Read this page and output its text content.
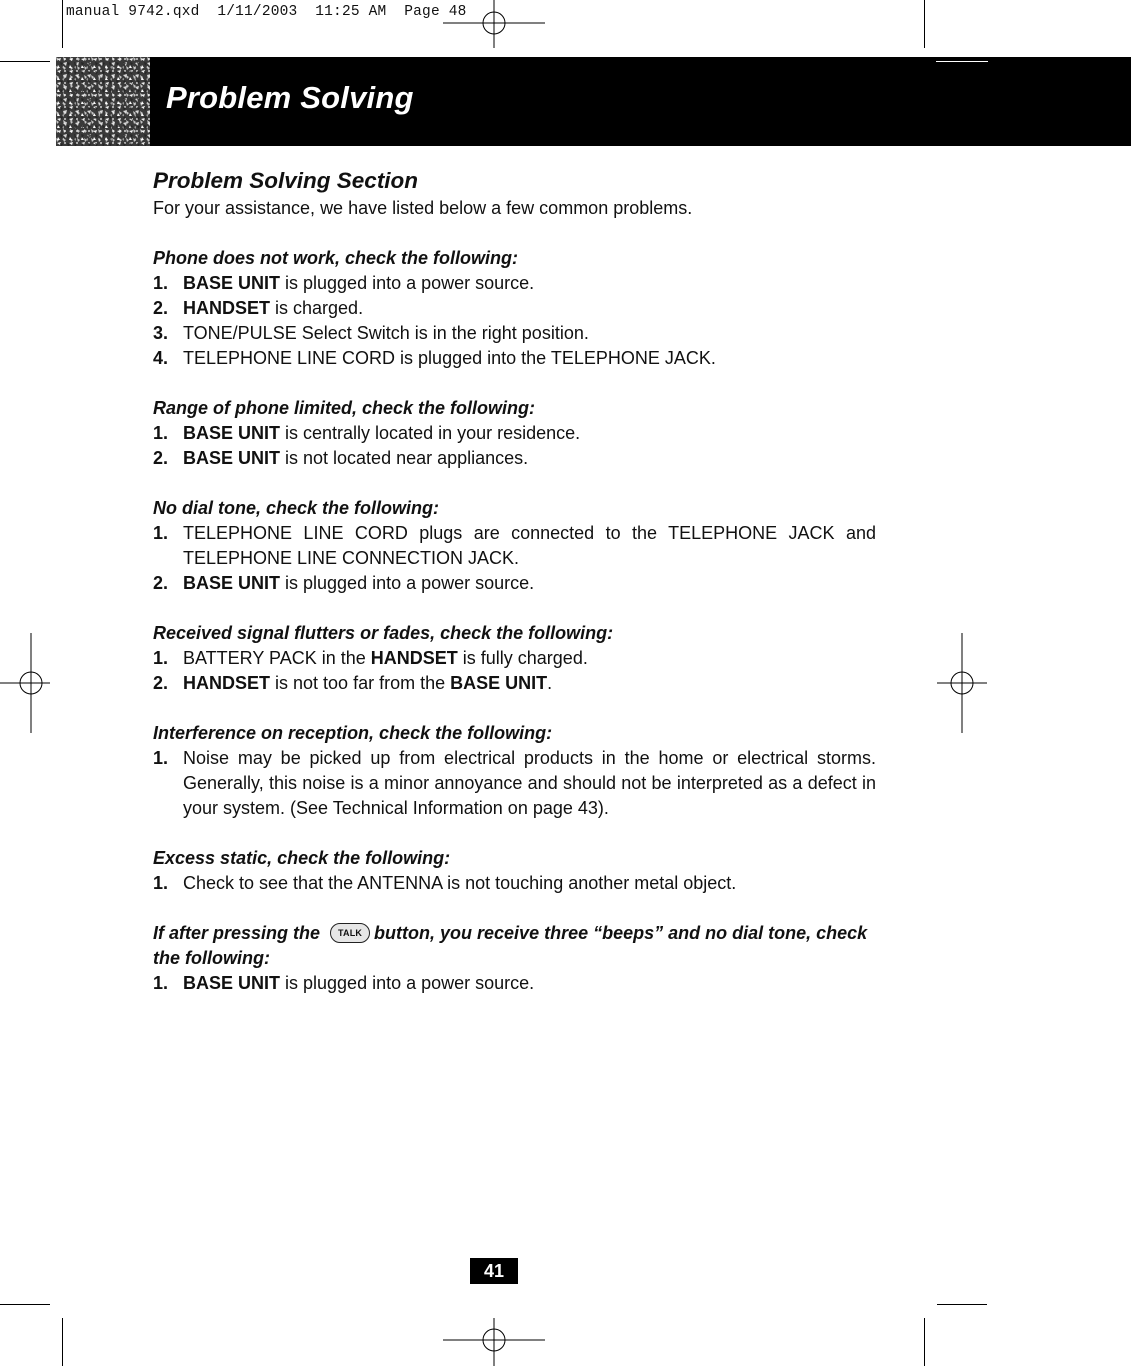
manual 9742.qxd  1/11/2003  11:25 AM  Page 48
Problem Solving
Problem Solving Section

For your assistance, we have listed below a few common problems.

Phone does not work, check the following:

1. BASE UNIT is plugged into a power source.
2. HANDSET is charged.
3. TONE/PULSE Select Switch is in the right position.
4. TELEPHONE LINE CORD is plugged into the TELEPHONE JACK.

Range of phone limited, check the following:

1. BASE UNIT is centrally located in your residence.
2. BASE UNIT is not located near appliances.

No dial tone, check the following:

1. TELEPHONE LINE CORD plugs are connected to the TELEPHONE JACK and TELEPHONE LINE CONNECTION JACK.
2. BASE UNIT is plugged into a power source.

Received signal flutters or fades, check the following:

1. BATTERY PACK in the HANDSET is fully charged.
2. HANDSET is not too far from the BASE UNIT.

Interference on reception, check the following:

1. Noise may be picked up from electrical products in the home or electrical storms. Generally, this noise is a minor annoyance and should not be interpreted as a defect in your system. (See Technical Information on page 43).

Excess static, check the following:

1. Check to see that the ANTENNA is not touching another metal object.

If after pressing the TALK button, you receive three “beeps” and no dial tone, check the following:

1. BASE UNIT is plugged into a power source.
41
